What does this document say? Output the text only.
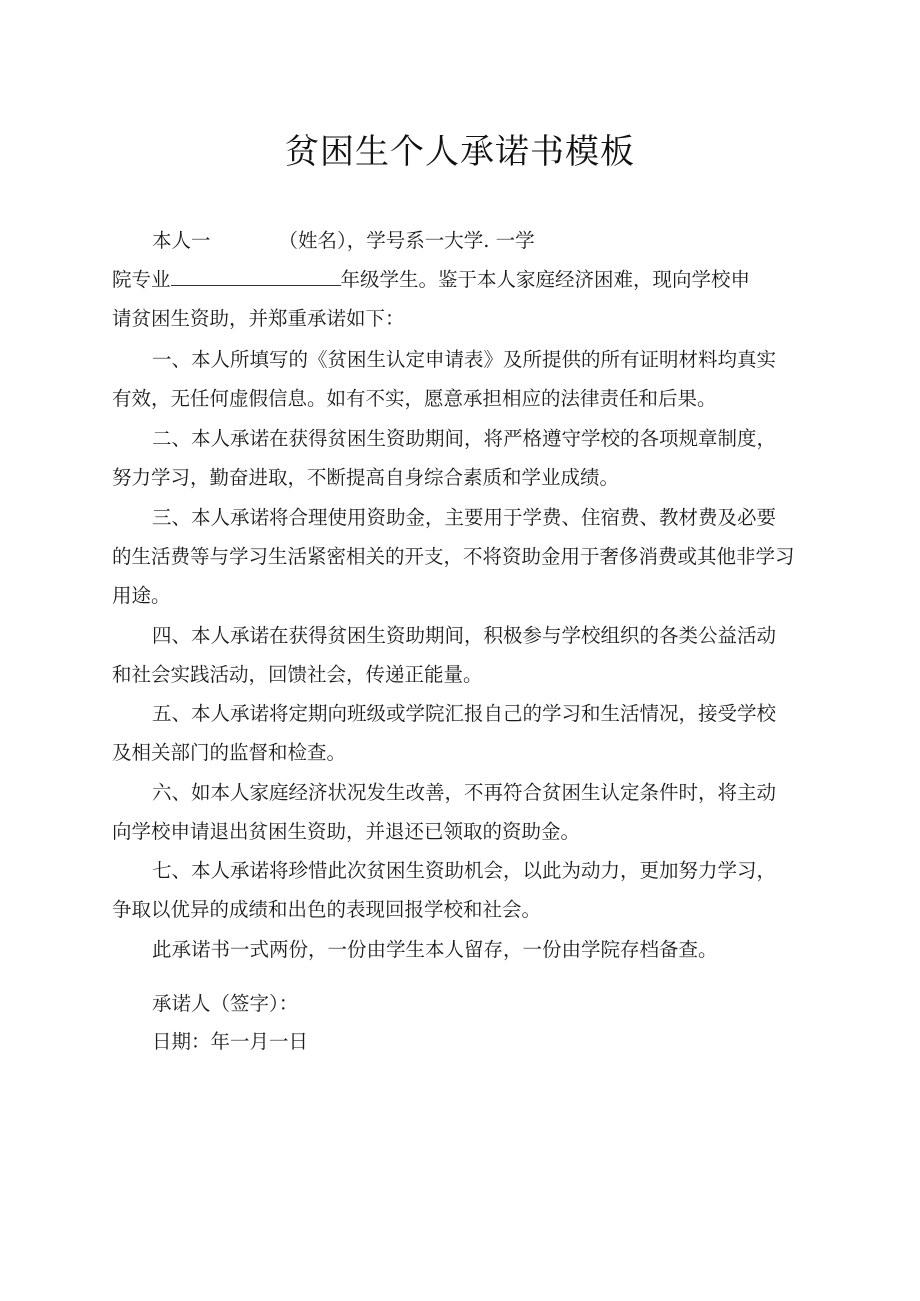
贫困生个人承诺书模板
本人一	（姓名），学号系一大学. 一学
院专业	年级学生。鉴于本人家庭经济困难，现向学校申
请贫困生资助，并郑重承诺如下：
一、本人所填写的《贫困生认定申请表》及所提供的所有证明材料均真实
有效，无任何虚假信息。如有不实，愿意承担相应的法律责任和后果。
二、本人承诺在获得贫困生资助期间，将严格遵守学校的各项规章制度，
努力学习，勤奋进取，不断提高自身综合素质和学业成绩。
三、本人承诺将合理使用资助金，主要用于学费、住宿费、教材费及必要
的生活费等与学习生活紧密相关的开支，不将资助金用于奢侈消费或其他非学习
用途。
四、本人承诺在获得贫困生资助期间，积极参与学校组织的各类公益活动
和社会实践活动，回馈社会，传递正能量。
五、本人承诺将定期向班级或学院汇报自己的学习和生活情况，接受学校
及相关部门的监督和检查。
六、如本人家庭经济状况发生改善，不再符合贫困生认定条件时，将主动
向学校申请退出贫困生资助，并退还已领取的资助金。
七、本人承诺将珍惜此次贫困生资助机会，以此为动力，更加努力学习，
争取以优异的成绩和出色的表现回报学校和社会。
此承诺书一式两份，一份由学生本人留存，一份由学院存档备查。
承诺人（签字）：
日期：年一月一日
